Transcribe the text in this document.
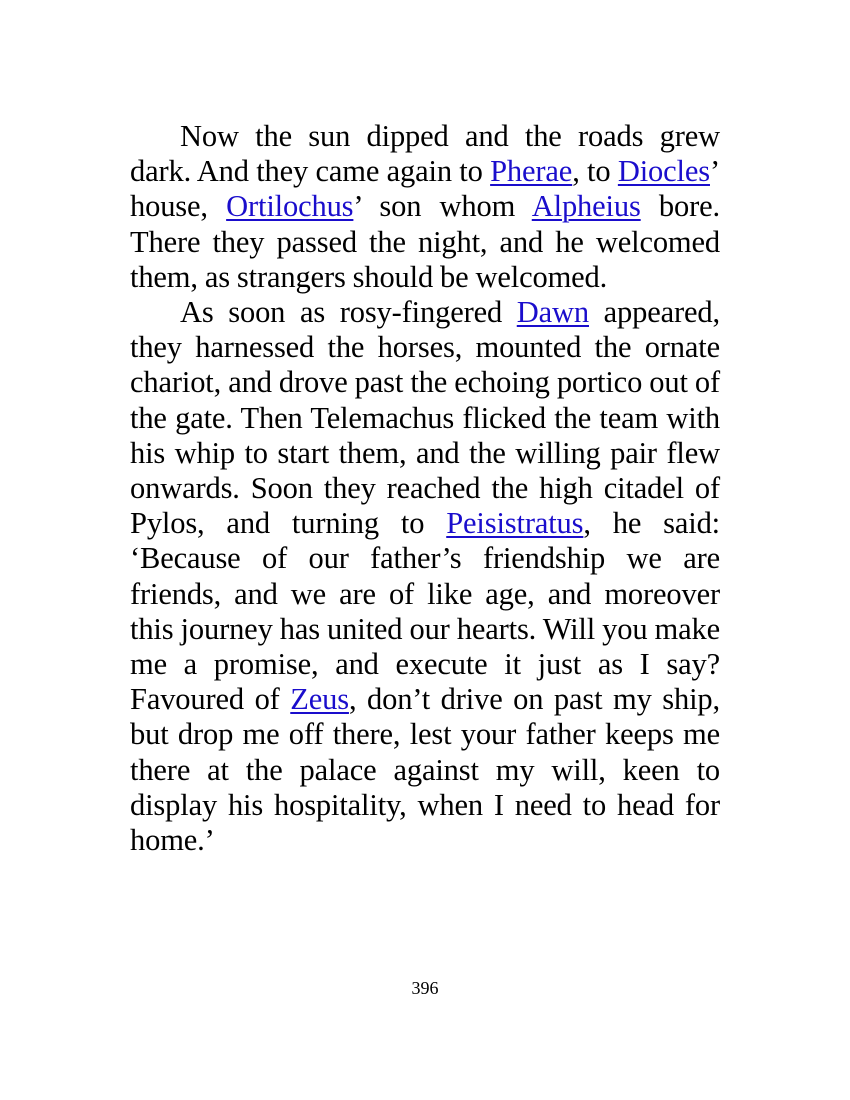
Now the sun dipped and the roads grew dark. And they came again to Pherae, to Diocles’ house, Ortilochus’ son whom Alpheius bore. There they passed the night, and he welcomed them, as strangers should be welcomed.

As soon as rosy-fingered Dawn appeared, they harnessed the horses, mounted the ornate chariot, and drove past the echoing portico out of the gate. Then Telemachus flicked the team with his whip to start them, and the willing pair flew onwards. Soon they reached the high citadel of Pylos, and turning to Peisistratus, he said: ‘Because of our father’s friendship we are friends, and we are of like age, and moreover this journey has united our hearts. Will you make me a promise, and execute it just as I say? Favoured of Zeus, don’t drive on past my ship, but drop me off there, lest your father keeps me there at the palace against my will, keen to display his hospitality, when I need to head for home.’

396
